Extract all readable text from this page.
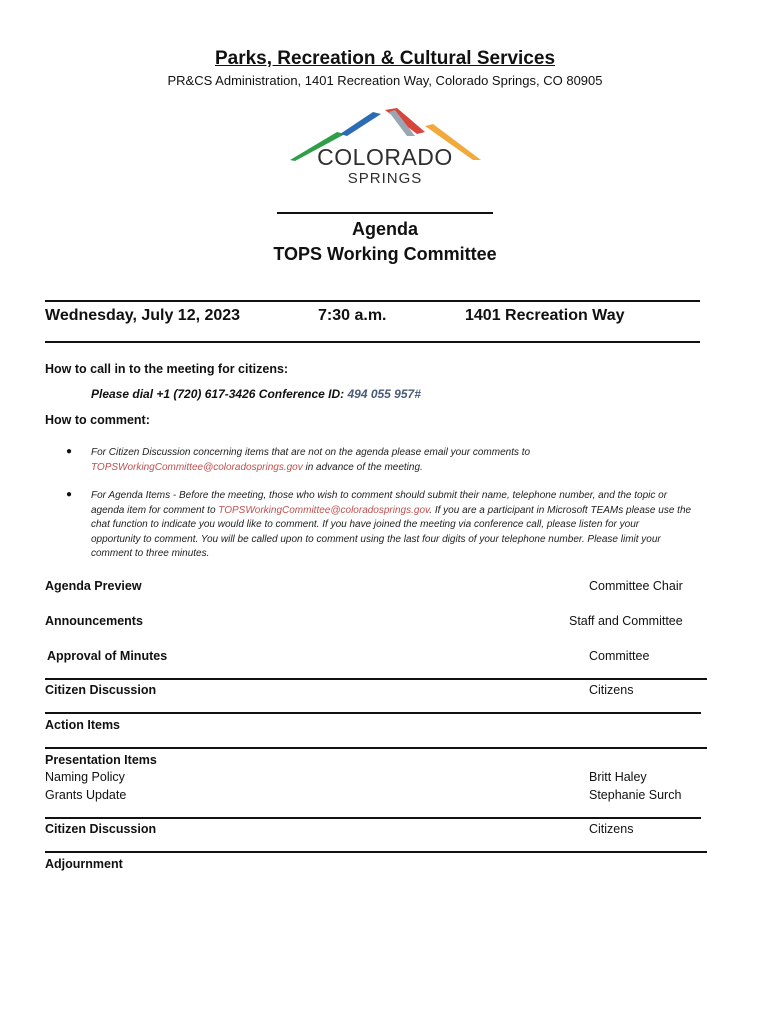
Parks, Recreation & Cultural Services
PR&CS Administration, 1401 Recreation Way, Colorado Springs, CO 80905
COLORADO
SPRINGS
Agenda
TOPS Working Committee
Wednesday, July 12, 2023	7:30 a.m.	1401 Recreation Way
How to call in to the meeting for citizens:
Please dial +1 (720) 617-3426 Conference ID: 494 055 957#
How to comment:
● For Citizen Discussion concerning items that are not on the agenda please email your comments to
TOPSWorkingCommittee@coloradosprings.gov in advance of the meeting.
● For Agenda Items - Before the meeting, those who wish to comment should submit their name, telephone number, and the topic or
agenda item for comment to TOPSWorkingCommittee@coloradosprings.gov. If you are a participant in Microsoft TEAMs please use the
chat function to indicate you would like to comment. If you have joined the meeting via conference call, please listen for your
opportunity to comment. You will be called upon to comment using the last four digits of your telephone number. Please limit your
comment to three minutes.
Agenda Preview	Committee Chair
Announcements	Staff and Committee
Approval of Minutes	Committee
Citizen Discussion	Citizens
Action Items
Presentation Items
Naming Policy	Britt Haley
Grants Update	Stephanie Surch
Citizen Discussion	Citizens
Adjournment
